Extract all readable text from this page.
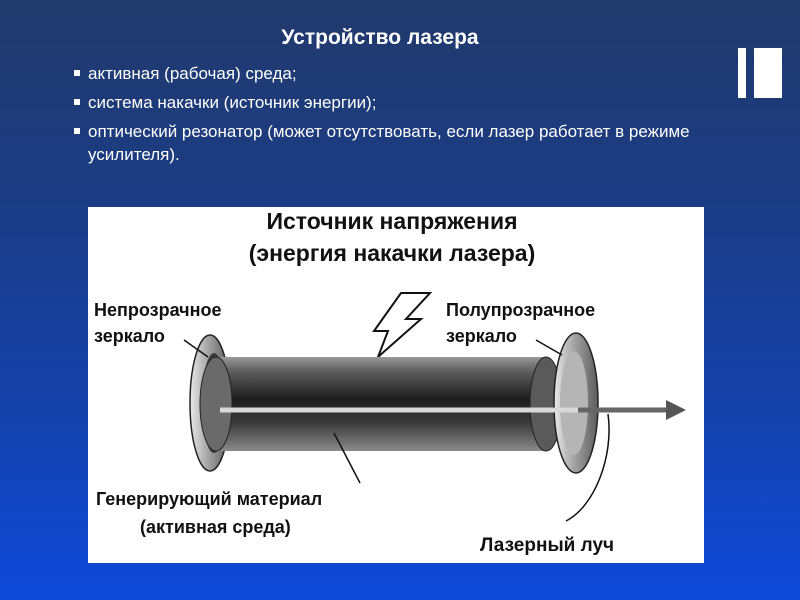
Устройство лазера
активная (рабочая) среда;
система накачки (источник энергии);
оптический резонатор (может отсутствовать, если лазер работает в режиме усилителя).
Источник напряжения
(энергия накачки лазера)
Непрозрачное
зеркало
Полупрозрачное
зеркало
Генерирующий материал
(активная среда)
Лазерный луч
